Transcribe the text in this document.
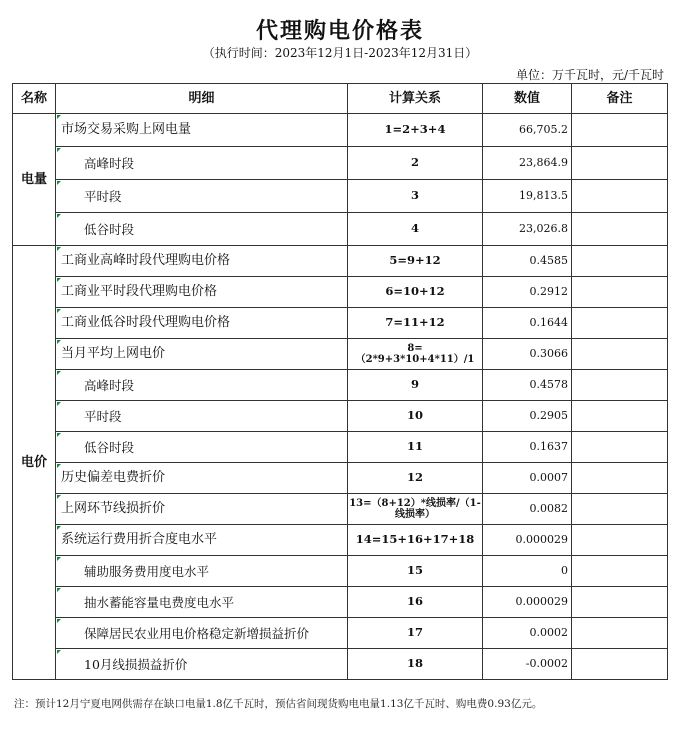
代理购电价格表
（执行时间：2023年12月1日-2023年12月31日）
单位：万千瓦时，元/千瓦时
名称	明细	计算关系	数值	备注
电量	市场交易采购上网电量	1=2+3+4	66,705.2	
	高峰时段	2	23,864.9	
	平时段	3	19,813.5	
	低谷时段	4	23,026.8	
电价	工商业高峰时段代理购电价格	5=9+12	0.4585	
	工商业平时段代理购电价格	6=10+12	0.2912	
	工商业低谷时段代理购电价格	7=11+12	0.1644	
	当月平均上网电价	8=（2*9+3*10+4*11）/1	0.3066	
	高峰时段	9	0.4578	
	平时段	10	0.2905	
	低谷时段	11	0.1637	
	历史偏差电费折价	12	0.0007	
	上网环节线损折价	13=（8+12）*线损率/（1-线损率）	0.0082	
	系统运行费用折合度电水平	14=15+16+17+18	0.000029	
	辅助服务费用度电水平	15	0	
	抽水蓄能容量电费度电水平	16	0.000029	
	保障居民农业用电价格稳定新增损益折价	17	0.0002	
	10月线损损益折价	18	-0.0002	
注：预计12月宁夏电网供需存在缺口电量1.8亿千瓦时，预估省间现货购电电量1.13亿千瓦时、购电费0.93亿元。
